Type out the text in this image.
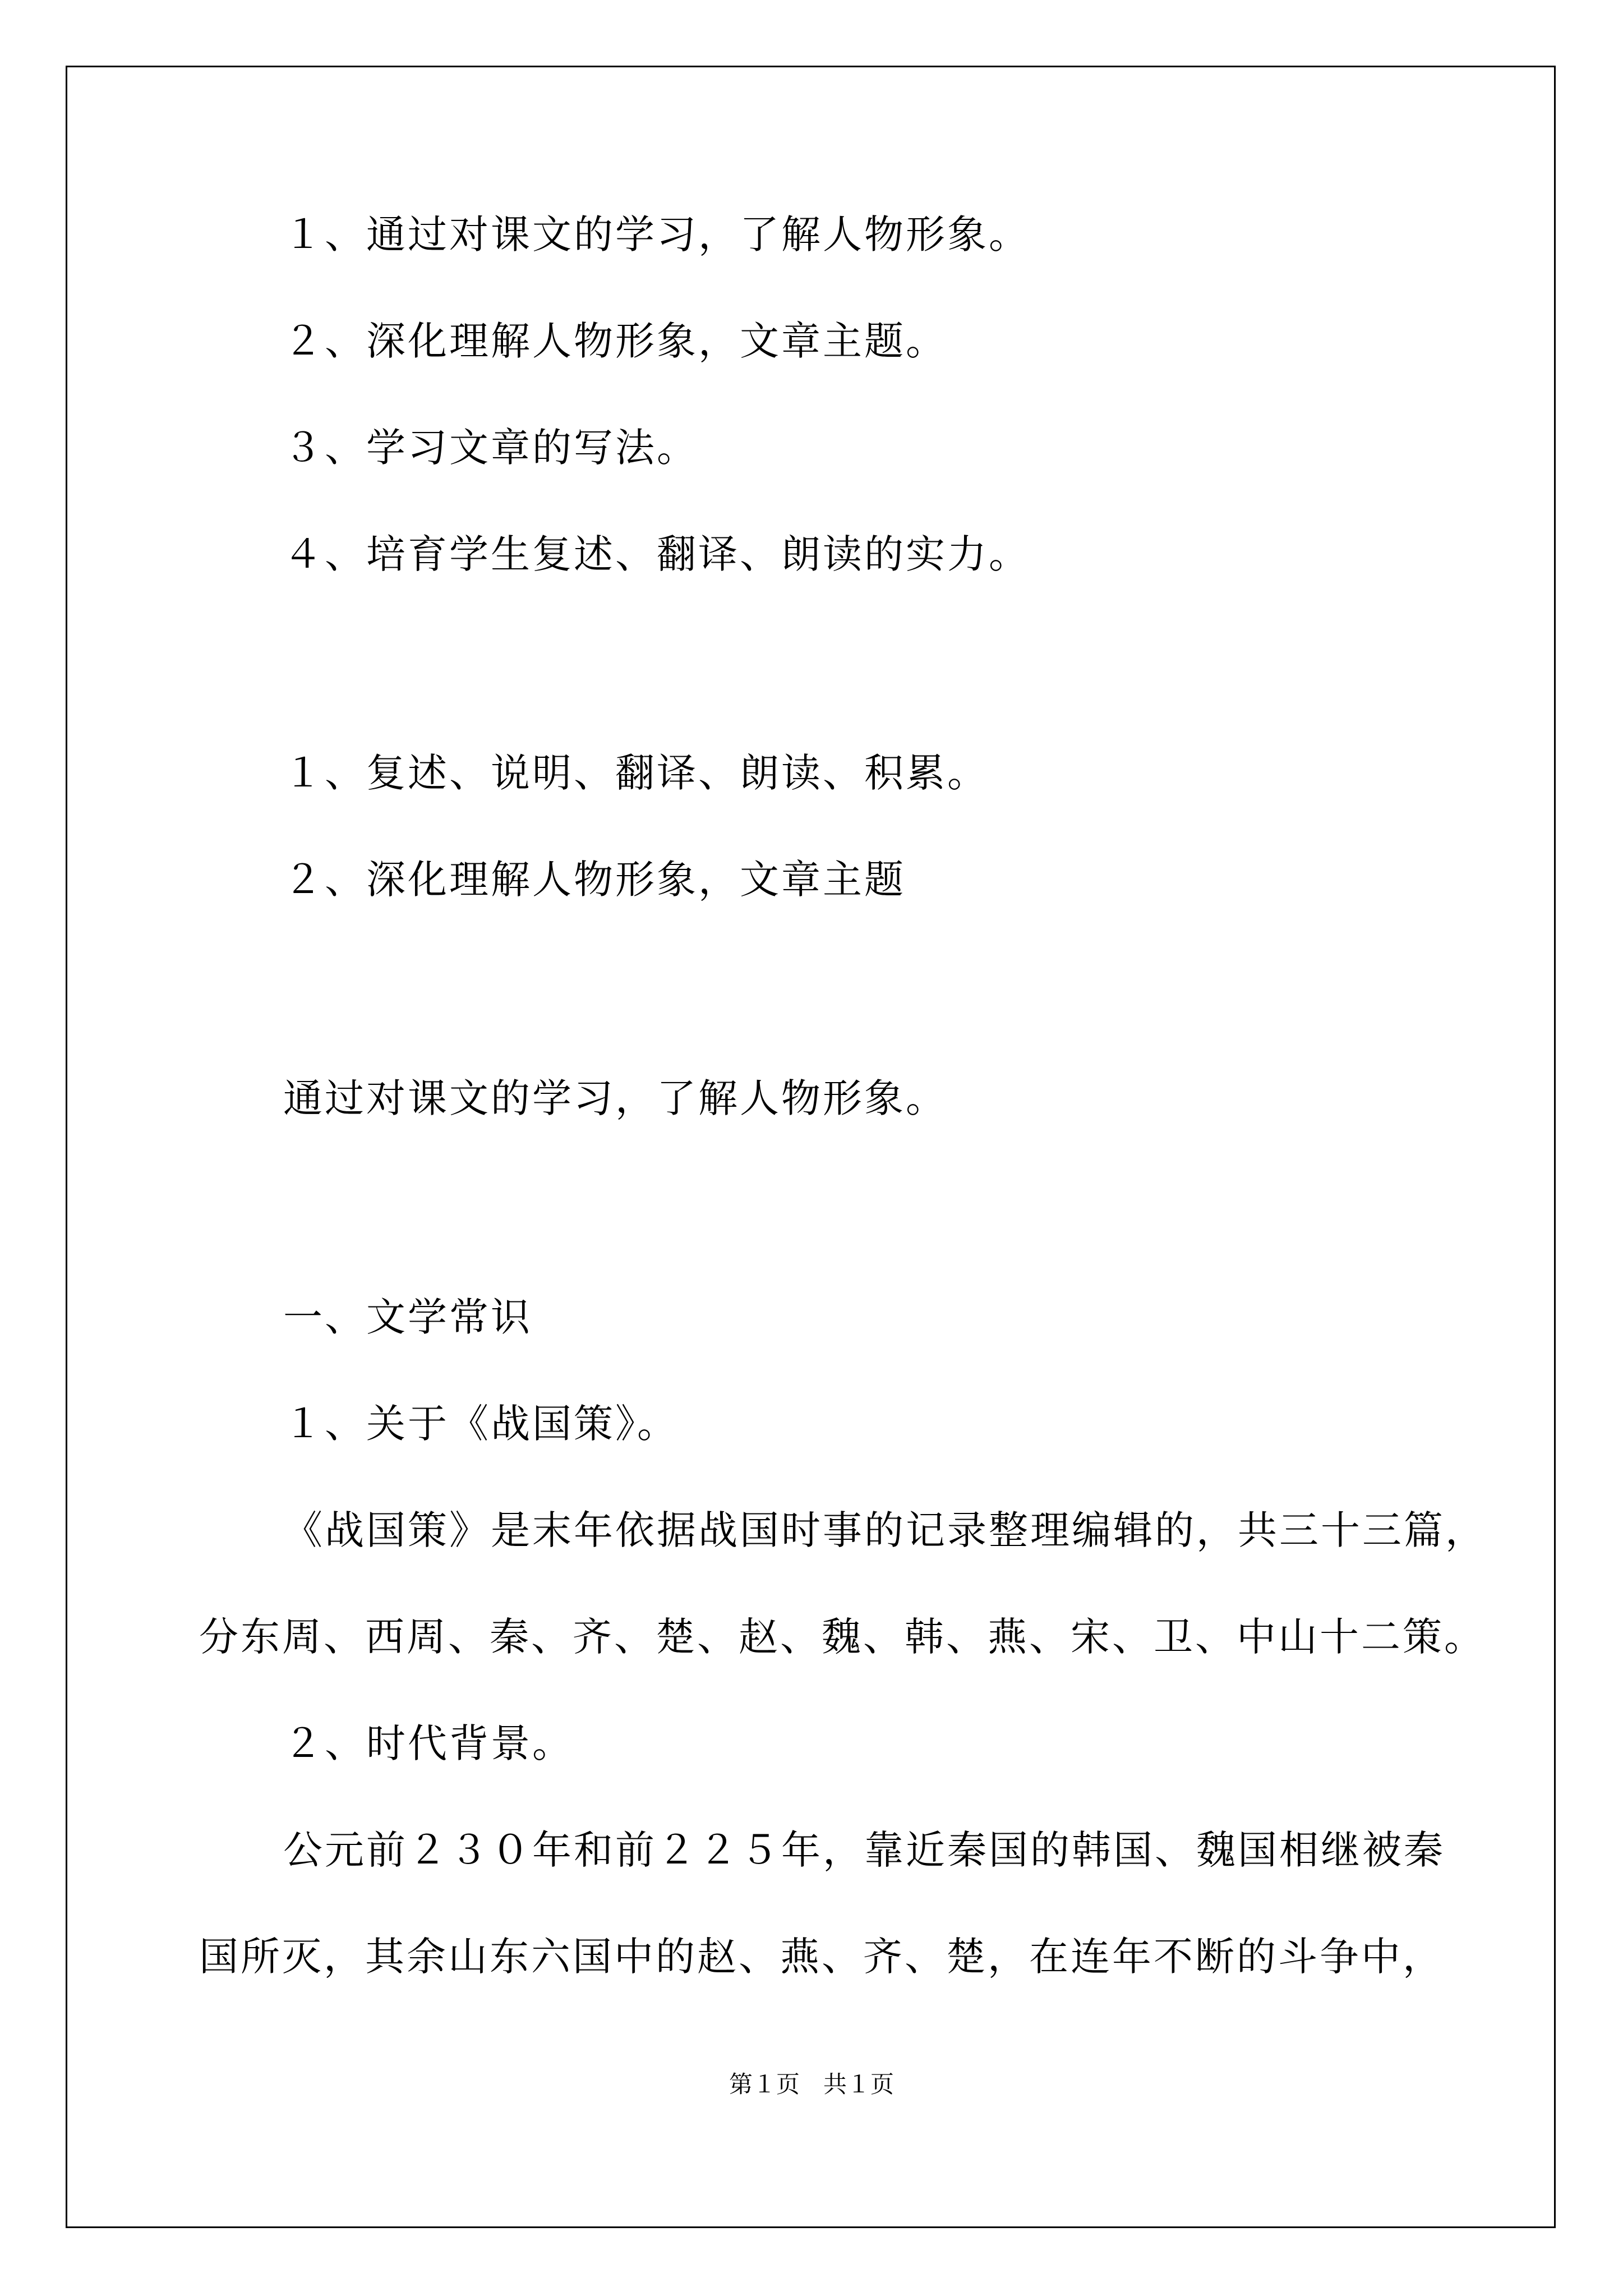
１、通过对课文的学习，了解人物形象。
２、深化理解人物形象，文章主题。
３、学习文章的写法。
４、培育学生复述、翻译、朗读的实力。
１、复述、说明、翻译、朗读、积累。
２、深化理解人物形象，文章主题
通过对课文的学习，了解人物形象。
一、文学常识
１、关于《战国策》。
《战国策》是末年依据战国时事的记录整理编辑的，共三十三篇，
分东周、西周、秦、齐、楚、赵、魏、韩、燕、宋、卫、中山十二策。
２、时代背景。
公元前２３０年和前２２５年，靠近秦国的韩国、魏国相继被秦
国所灭，其余山东六国中的赵、燕、齐、楚，在连年不断的斗争中，
第１页　共１页
